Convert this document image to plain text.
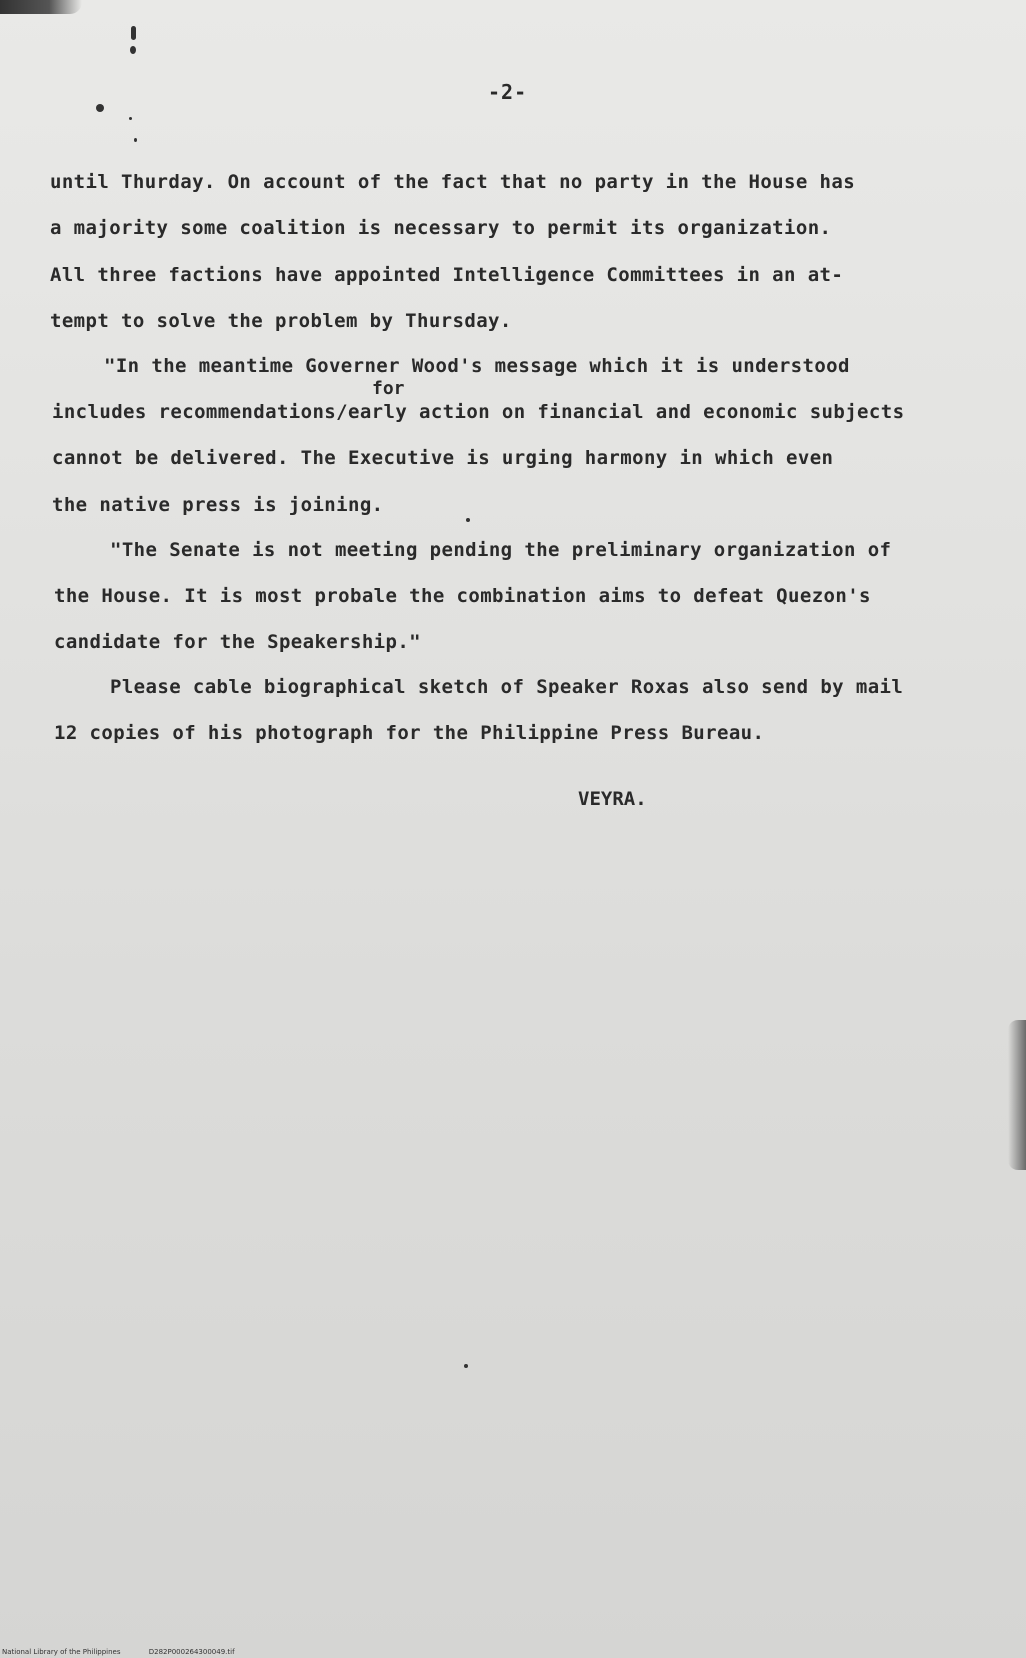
-2-
until Thurday. On account of the fact that no party in the House has
a majority some coalition is necessary to permit its organization.
All three factions have appointed Intelligence Committees in an at-
tempt to solve the problem by Thursday.
"In the meantime Governer Wood's message which it is understood
for
includes recommendations/early action on financial and economic subjects
cannot be delivered. The Executive is urging harmony in which even
the native press is joining.
"The Senate is not meeting pending the preliminary organization of
the House. It is most probale the combination aims to defeat Quezon's
candidate for the Speakership."
Please cable biographical sketch of Speaker Roxas also send by mail
12 copies of his photograph for the Philippine Press Bureau.
VEYRA.
National Library of the Philippines	D282P000264300049.tif
